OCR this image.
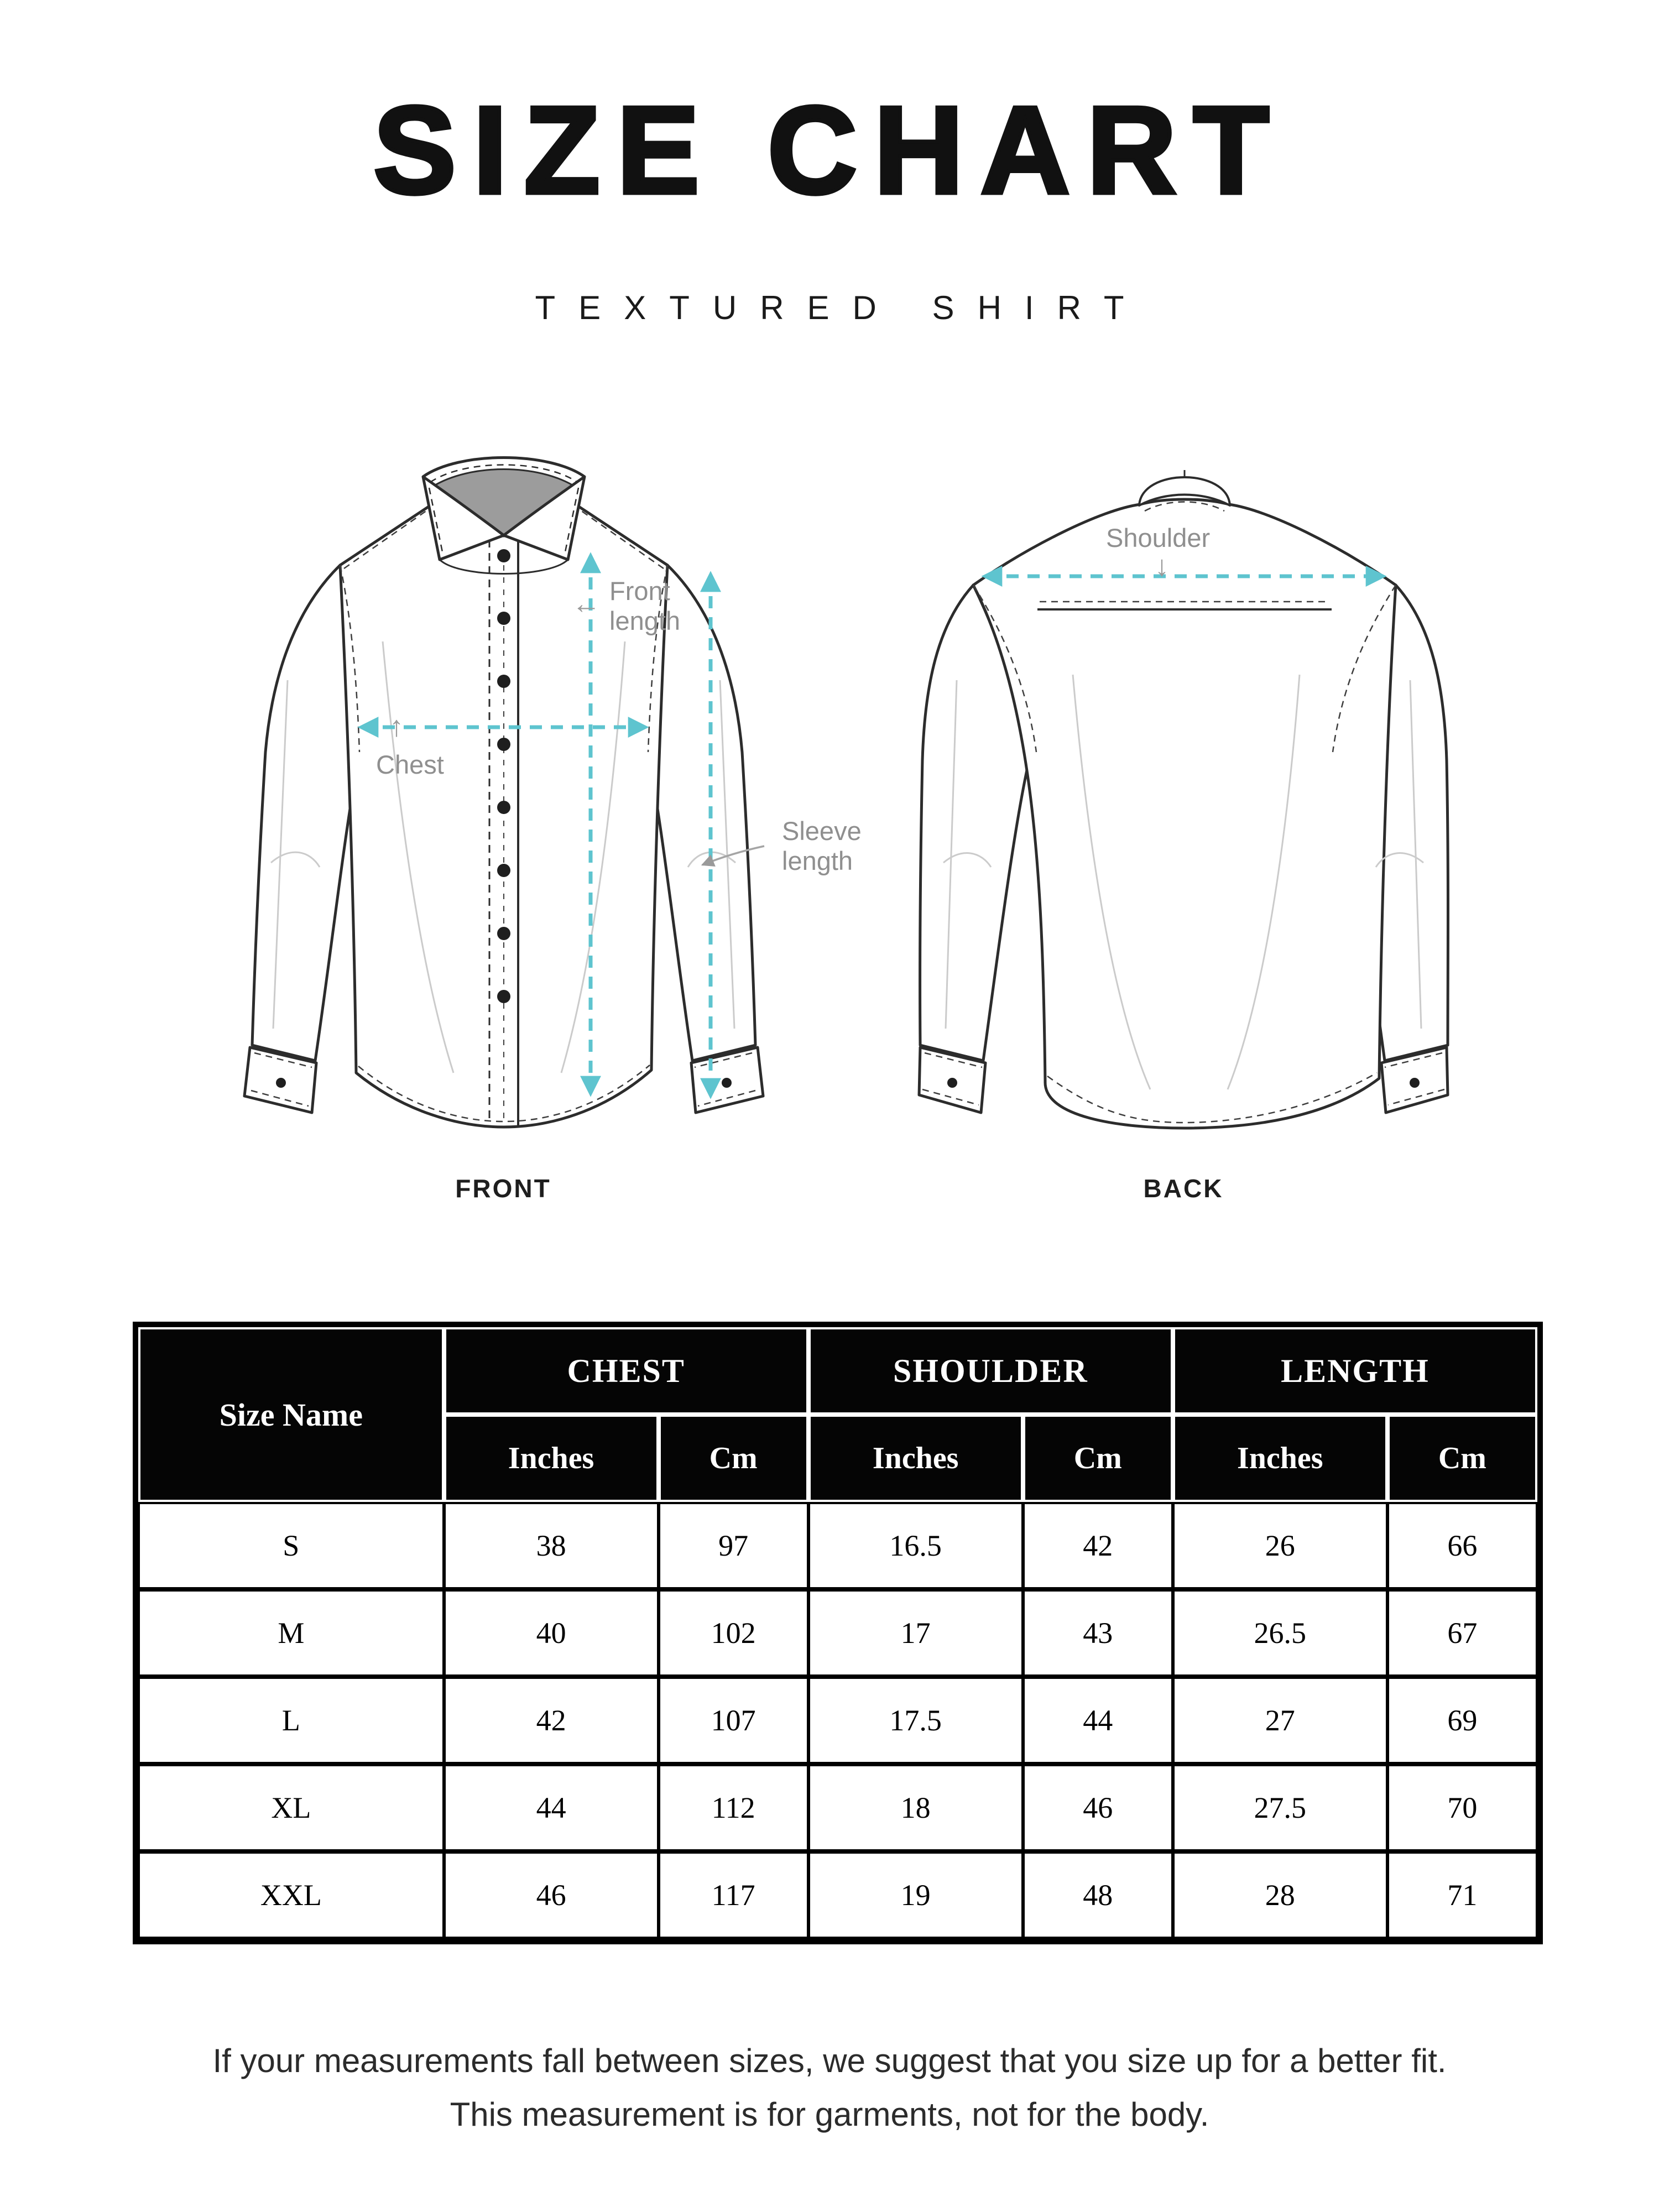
SIZE CHART
TEXTURED SHIRT
Front length
←
Chest
↑
Sleeve length
Shoulder
↓
FRONT	BACK
Size Name	CHEST		SHOULDER		LENGTH	
	Inches	Cm	Inches	Cm	Inches	Cm
S	38	97	16.5	42	26	66
M	40	102	17	43	26.5	67
L	42	107	17.5	44	27	69
XL	44	112	18	46	27.5	70
XXL	46	117	19	48	28	71
If your measurements fall between sizes, we suggest that you size up for a better fit.
This measurement is for garments, not for the body.
